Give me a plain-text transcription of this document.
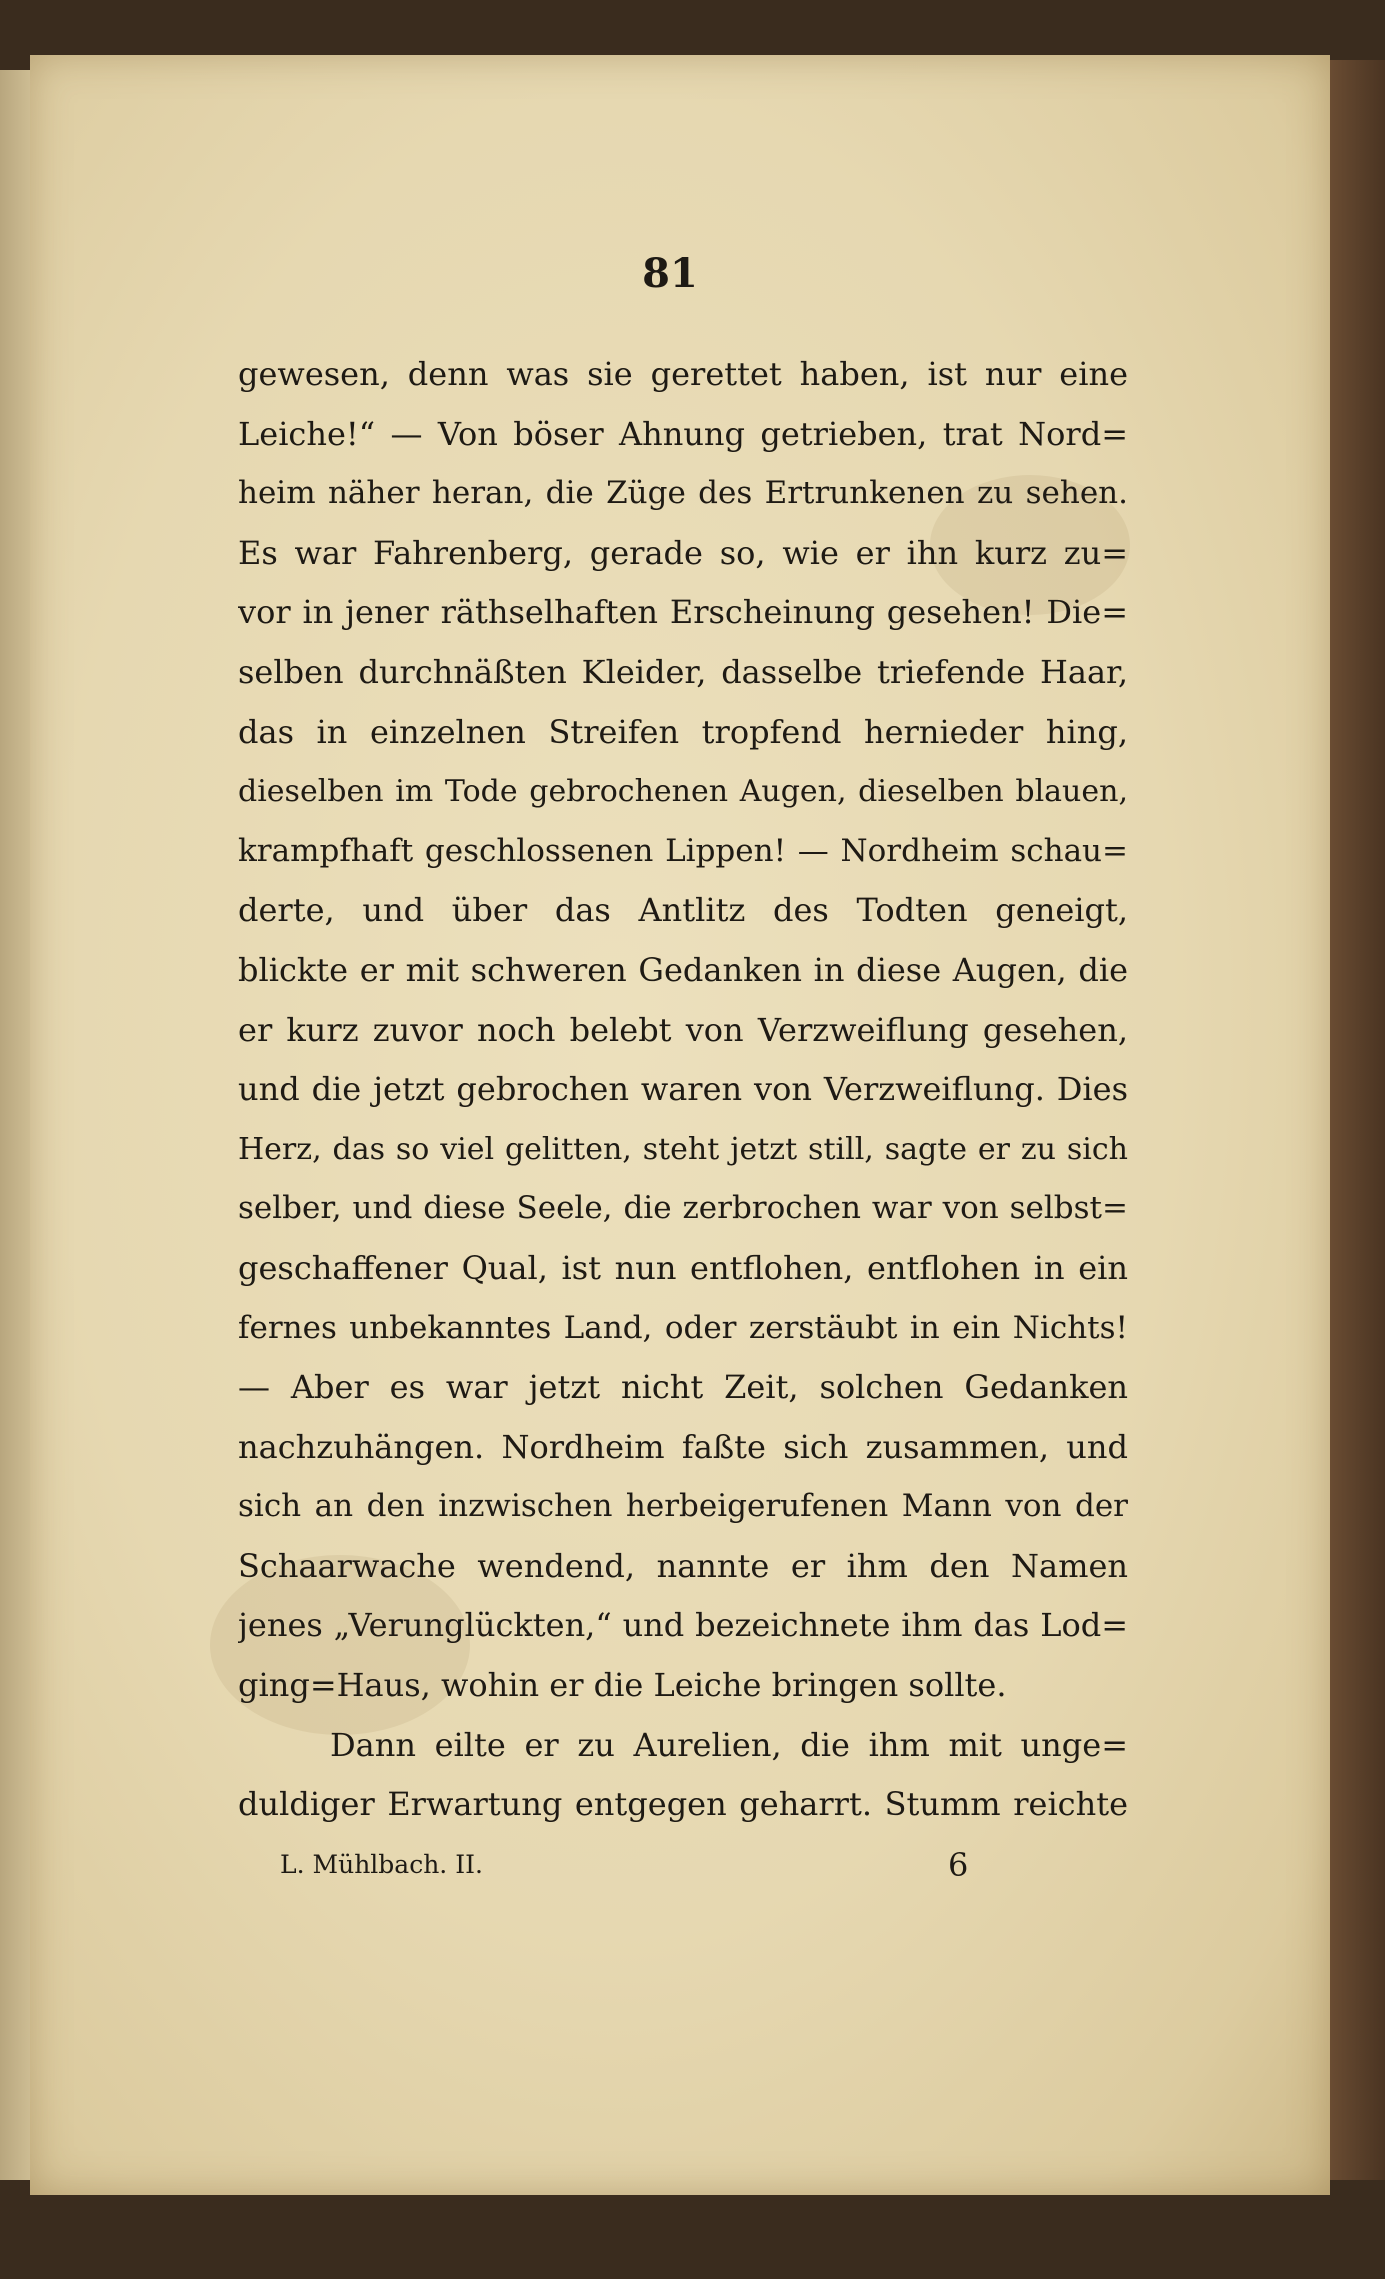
81
gewesen, denn was sie gerettet haben, ist nur eine
Leiche!“ — Von böser Ahnung getrieben, trat Nord=
heim näher heran, die Züge des Ertrunkenen zu sehen.
Es war Fahrenberg, gerade so, wie er ihn kurz zu=
vor in jener räthselhaften Erscheinung gesehen! Die=
selben durchnäßten Kleider, dasselbe triefende Haar,
das in einzelnen Streifen tropfend hernieder hing,
dieselben im Tode gebrochenen Augen, dieselben blauen,
krampfhaft geschlossenen Lippen! — Nordheim schau=
derte, und über das Antlitz des Todten geneigt,
blickte er mit schweren Gedanken in diese Augen, die
er kurz zuvor noch belebt von Verzweiflung gesehen,
und die jetzt gebrochen waren von Verzweiflung. Dies
Herz, das so viel gelitten, steht jetzt still, sagte er zu sich
selber, und diese Seele, die zerbrochen war von selbst=
geschaffener Qual, ist nun entflohen, entflohen in ein
fernes unbekanntes Land, oder zerstäubt in ein Nichts!
— Aber es war jetzt nicht Zeit, solchen Gedanken
nachzuhängen. Nordheim faßte sich zusammen, und
sich an den inzwischen herbeigerufenen Mann von der
Schaarwache wendend, nannte er ihm den Namen
jenes „Verunglückten,“ und bezeichnete ihm das Lod=
ging=Haus, wohin er die Leiche bringen sollte.
Dann eilte er zu Aurelien, die ihm mit unge=
duldiger Erwartung entgegen geharrt. Stumm reichte
L. Mühlbach. II.	6
